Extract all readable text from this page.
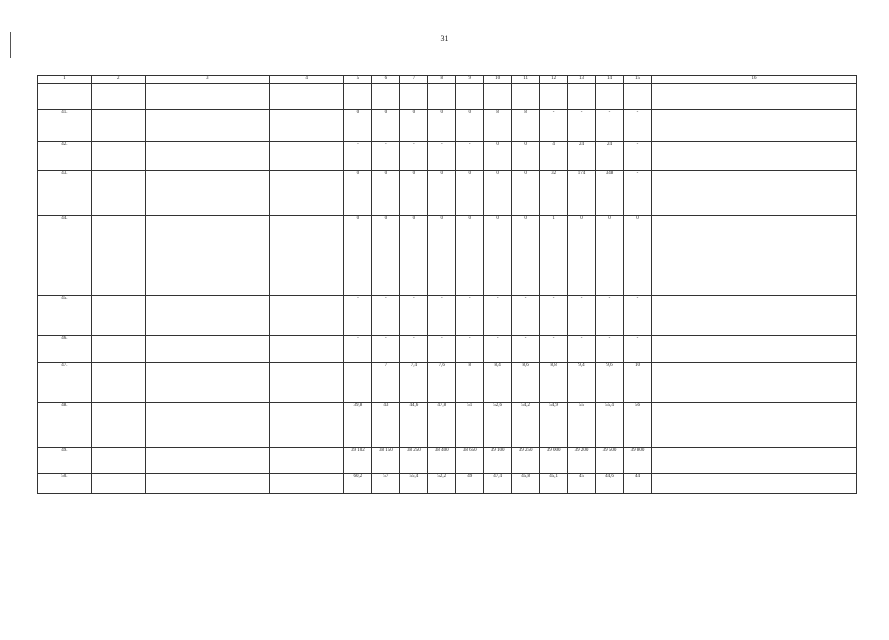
31
1	2	3	4	5	6	7	8	9	10	11	12	13	14	15	16

41.				0	0	0	0	0	8	8	-	-	-	-	
42.				-	-	-	-	-	0	0	4	24	24	-	
43.				0	0	0	0	0	0	0	32	174	348	-	
44.				0	0	0	0	0	0	0	1	0	0	0	
45.				-	-	-	-	-	-	-	-	-	-	-	
46.				-	-	-	-	-	-	-	-	-	-	-	
47.					7	7,4	7,6	8	8,4	8,6	8,8	9,4	9,6	10	
48.				39,8	43	44,6	47,8	51	52,6	54,2	54,9	55	55,4	56	
49.				39 102	38 150	38 250	38 400	38 650	39 100	39 250	39 000	39 200	39 500	39 800	
50.				60,2	57	55,4	52,2	49	47,4	45,8	45,1	45	44,6	44	
